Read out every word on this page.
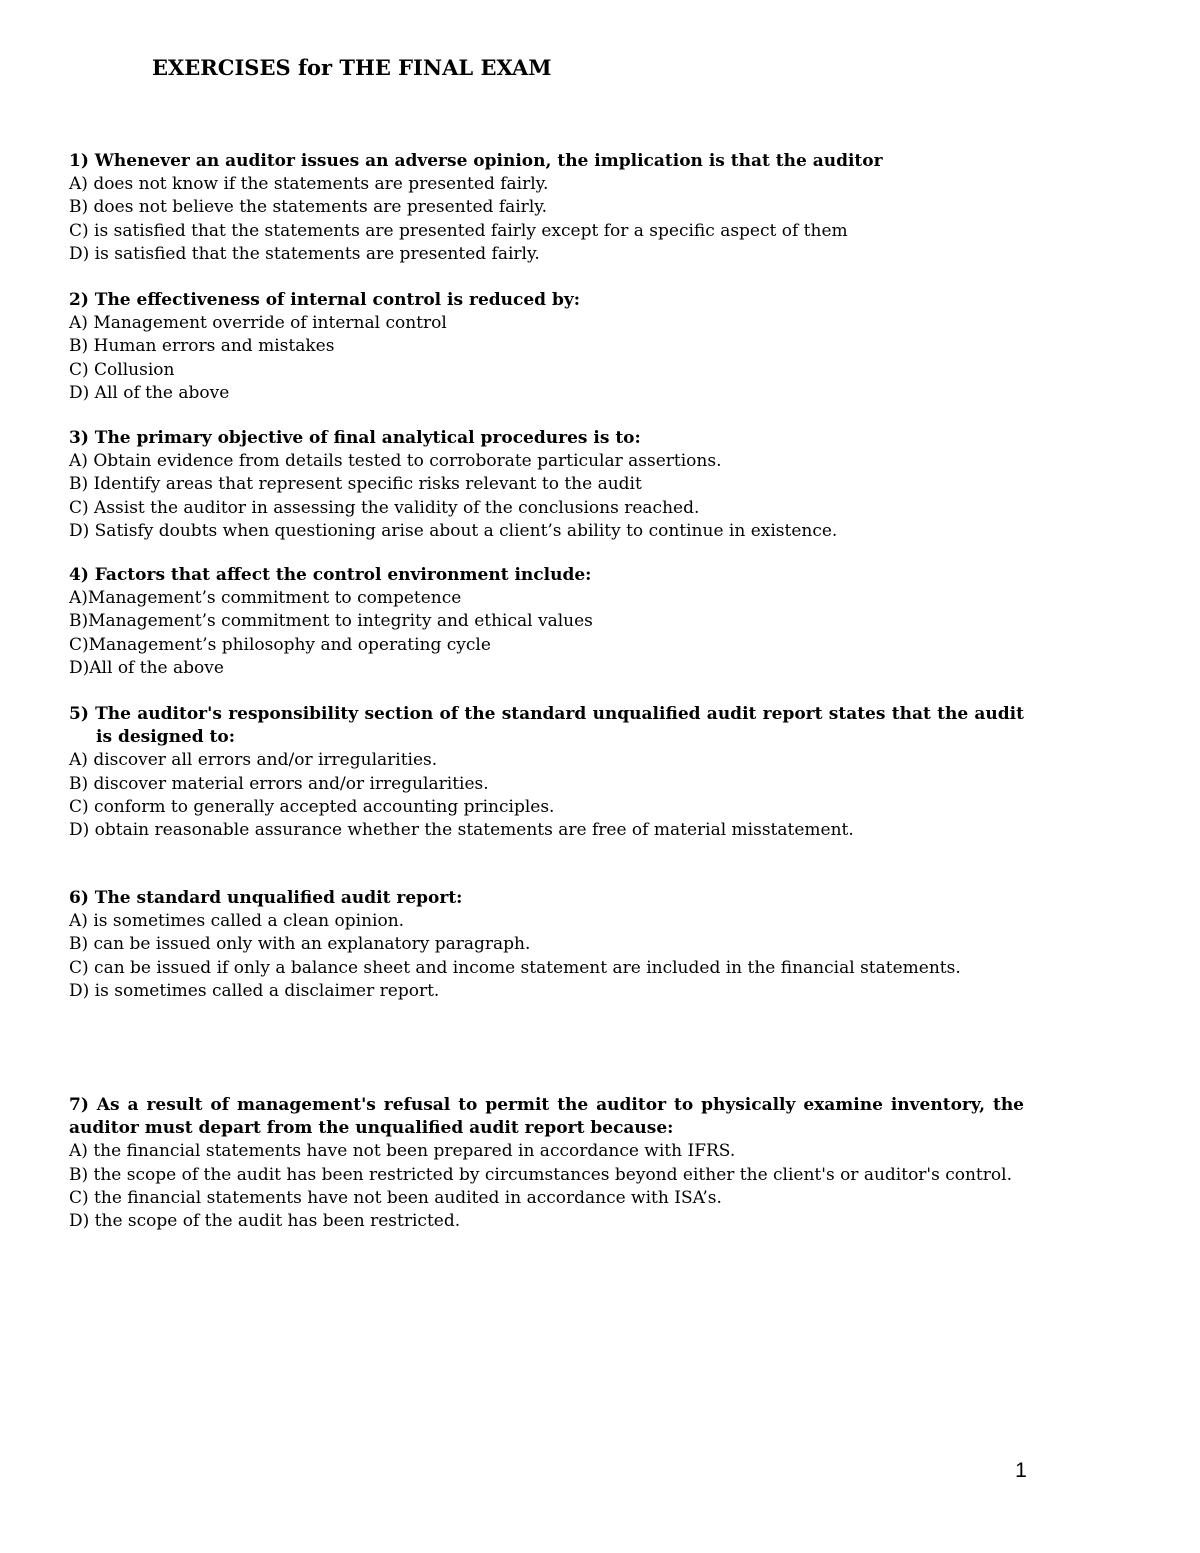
EXERCISES for THE FINAL EXAM

1) Whenever an auditor issues an adverse opinion, the implication is that the auditor

A) does not know if the statements are presented fairly.
B) does not believe the statements are presented fairly.
C) is satisfied that the statements are presented fairly except for a specific aspect of them
D) is satisfied that the statements are presented fairly.

2) The effectiveness of internal control is reduced by:

A) Management override of internal control
B) Human errors and mistakes
C) Collusion
D) All of the above

3) The primary objective of final analytical procedures is to:

A) Obtain evidence from details tested to corroborate particular assertions.
B) Identify areas that represent specific risks relevant to the audit
C) Assist the auditor in assessing the validity of the conclusions reached.
D) Satisfy doubts when questioning arise about a client’s ability to continue in existence.

4) Factors that affect the control environment include:

A)Management’s commitment to competence
B)Management’s commitment to integrity and ethical values
C)Management’s philosophy and operating cycle
D)All of the above

5) The auditor's responsibility section of the standard unqualified audit report states that the audit is designed to:

A) discover all errors and/or irregularities.
B) discover material errors and/or irregularities.
C) conform to generally accepted accounting principles.
D) obtain reasonable assurance whether the statements are free of material misstatement.

6) The standard unqualified audit report:

A) is sometimes called a clean opinion.
B) can be issued only with an explanatory paragraph.
C) can be issued if only a balance sheet and income statement are included in the financial statements.
D) is sometimes called a disclaimer report.

7) As a result of management's refusal to permit the auditor to physically examine inventory, the auditor must depart from the unqualified audit report because:

A) the financial statements have not been prepared in accordance with IFRS.
B) the scope of the audit has been restricted by circumstances beyond either the client's or auditor's control.
C) the financial statements have not been audited in accordance with ISA’s.
D) the scope of the audit has been restricted.
1
